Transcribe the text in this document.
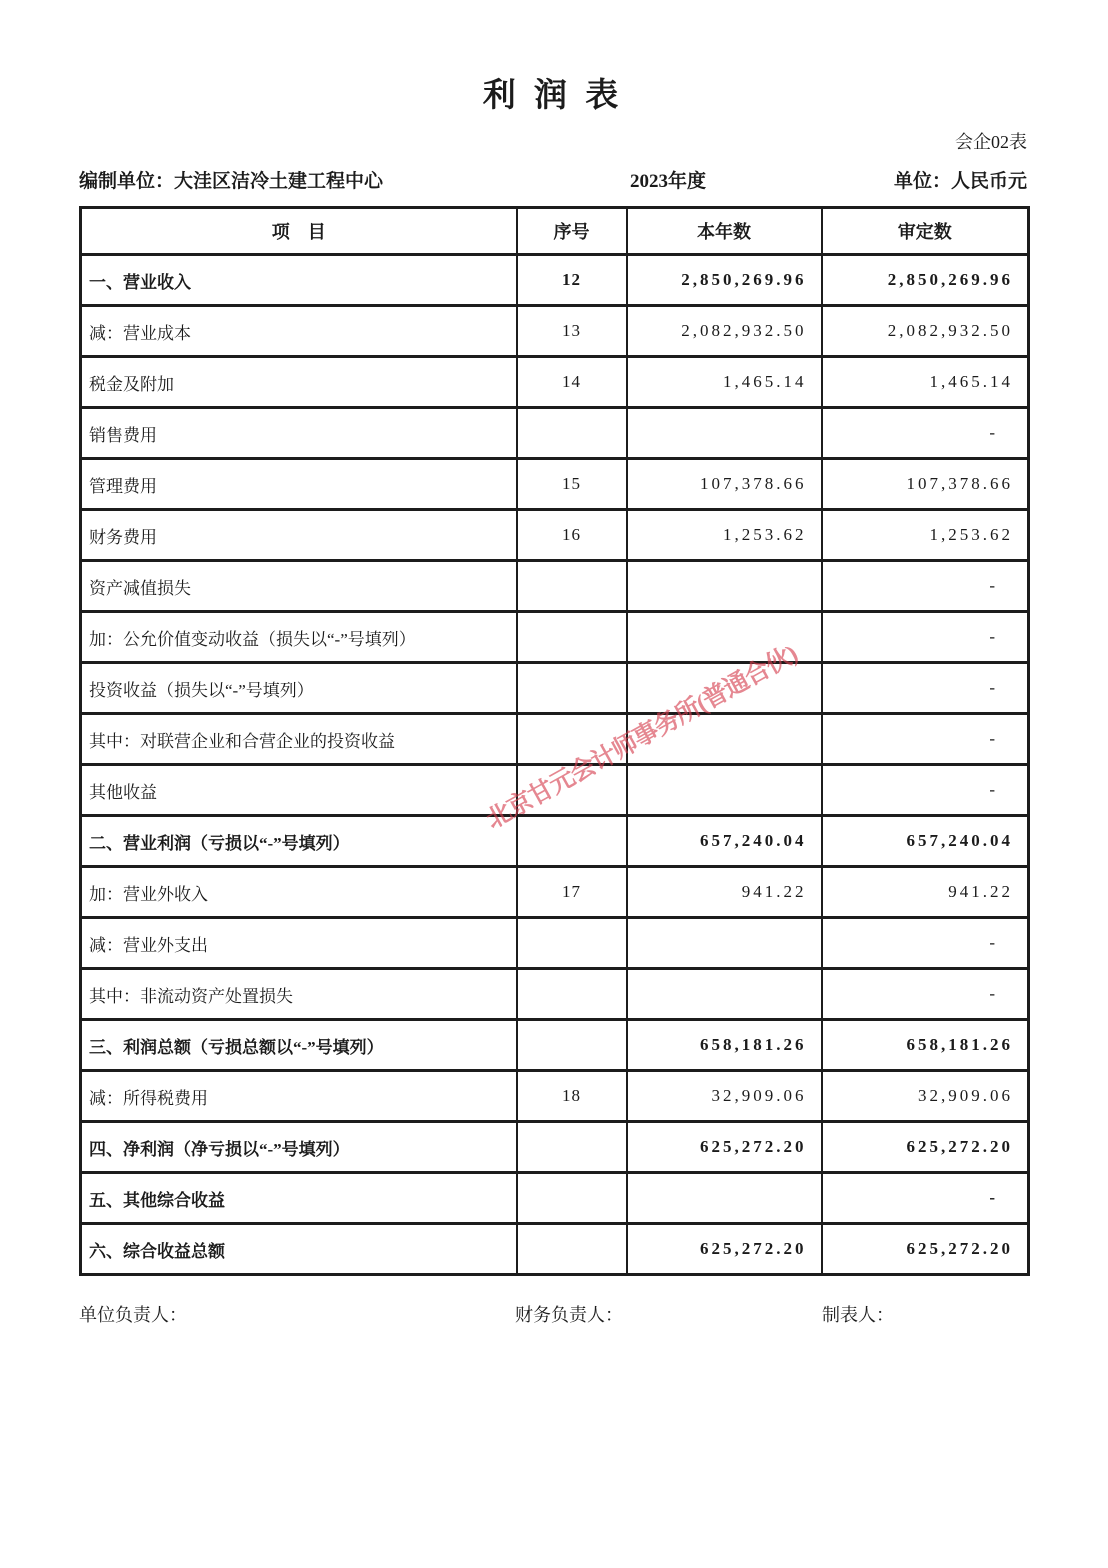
利 润 表
会企02表
编制单位：大洼区洁冷土建工程中心	2023年度	单位：人民币元
项　目	序号	本年数	审定数
一、营业收入	12	2,850,269.96	2,850,269.96
减：营业成本	13	2,082,932.50	2,082,932.50
税金及附加	14	1,465.14	1,465.14
销售费用			-
管理费用	15	107,378.66	107,378.66
财务费用	16	1,253.62	1,253.62
资产减值损失			-
加：公允价值变动收益（损失以“-”号填列）			-
投资收益（损失以“-”号填列）			-
其中：对联营企业和合营企业的投资收益			-
其他收益			-
二、营业利润（亏损以“-”号填列）		657,240.04	657,240.04
加：营业外收入	17	941.22	941.22
减：营业外支出			-
其中：非流动资产处置损失			-
三、利润总额（亏损总额以“-”号填列）		658,181.26	658,181.26
减：所得税费用	18	32,909.06	32,909.06
四、净利润（净亏损以“-”号填列）		625,272.20	625,272.20
五、其他综合收益			-
六、综合收益总额		625,272.20	625,272.20
单位负责人：	财务负责人：	制表人：
北京甘元会计师事务所(普通合伙)
